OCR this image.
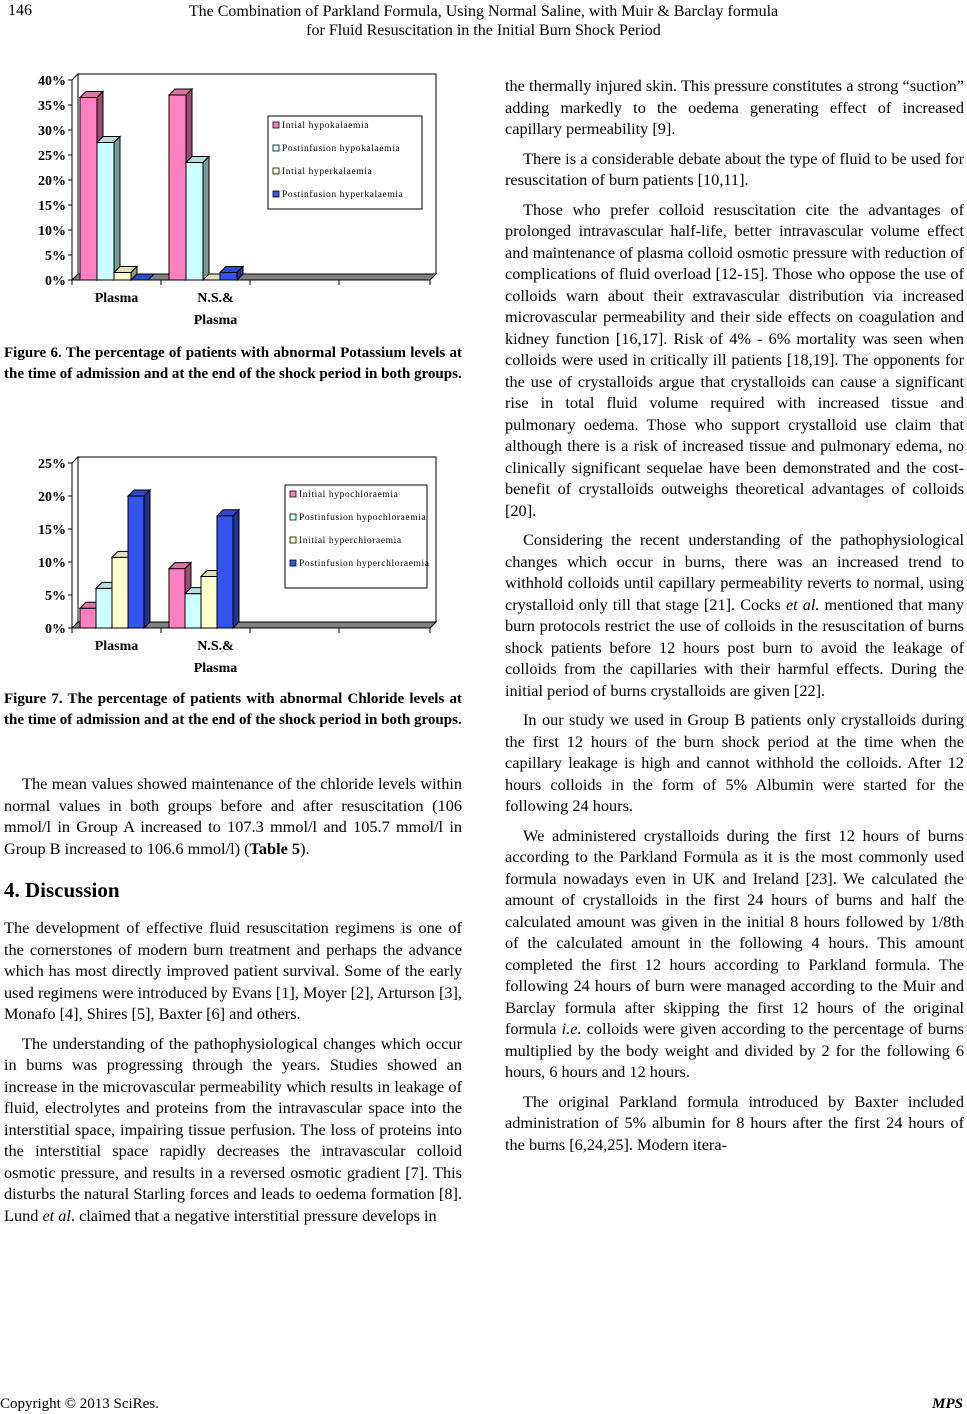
146	The Combination of Parkland Formula, Using Normal Saline, with Muir & Barclay formula
for Fluid Resuscitation in the Initial Burn Shock Period
0%
5%
10%
15%
20%
25%
30%
35%
40%
Plasma	N.S.& Plasma
Intial hypokalaemia
Postinfusion hypokalaemia
Intial hyperkalaemia
Postinfusion hyperkalaemia
Figure 6. The percentage of patients with abnormal Potassium levels at the time of admission and at the end of the shock period in both groups.
0%
5%
10%
15%
20%
25%
Plasma	N.S.& Plasma
Initial hypochloraemia
Postinfusion hypochloraemia
Initial hyperchloraemia
Postinfusion hyperchloraemia
Figure 7. The percentage of patients with abnormal Chloride levels at the time of admission and at the end of the shock period in both groups.

The mean values showed maintenance of the chloride levels within normal values in both groups before and after resuscitation (106 mmol/l in Group A increased to 107.3 mmol/l and 105.7 mmol/l in Group B increased to 106.6 mmol/l) (Table 5).

4. Discussion

The development of effective fluid resuscitation regimens is one of the cornerstones of modern burn treatment and perhaps the advance which has most directly improved patient survival. Some of the early used regimens were introduced by Evans [1], Moyer [2], Arturson [3], Monafo [4], Shires [5], Baxter [6] and others.

The understanding of the pathophysiological changes which occur in burns was progressing through the years. Studies showed an increase in the microvascular permeability which results in leakage of fluid, electrolytes and proteins from the intravascular space into the interstitial space, impairing tissue perfusion. The loss of proteins into the interstitial space rapidly decreases the intravascular colloid osmotic pressure, and results in a reversed osmotic gradient [7]. This disturbs the natural Starling forces and leads to oedema formation [8]. Lund et al. claimed that a negative interstitial pressure develops in

the thermally injured skin. This pressure constitutes a strong “suction” adding markedly to the oedema generating effect of increased capillary permeability [9].

There is a considerable debate about the type of fluid to be used for resuscitation of burn patients [10,11].

Those who prefer colloid resuscitation cite the advantages of prolonged intravascular half-life, better intravascular volume effect and maintenance of plasma colloid osmotic pressure with reduction of complications of fluid overload [12-15]. Those who oppose the use of colloids warn about their extravascular distribution via increased microvascular permeability and their side effects on coagulation and kidney function [16,17]. Risk of 4% - 6% mortality was seen when colloids were used in critically ill patients [18,19]. The opponents for the use of crystalloids argue that crystalloids can cause a significant rise in total fluid volume required with increased tissue and pulmonary oedema. Those who support crystalloid use claim that although there is a risk of increased tissue and pulmonary edema, no clinically significant sequelae have been demonstrated and the cost-benefit of crystalloids outweighs theoretical advantages of colloids [20].

Considering the recent understanding of the pathophysiological changes which occur in burns, there was an increased trend to withhold colloids until capillary permeability reverts to normal, using crystalloid only till that stage [21]. Cocks et al. mentioned that many burn protocols restrict the use of colloids in the resuscitation of burns shock patients before 12 hours post burn to avoid the leakage of colloids from the capillaries with their harmful effects. During the initial period of burns crystalloids are given [22].

In our study we used in Group B patients only crystalloids during the first 12 hours of the burn shock period at the time when the capillary leakage is high and cannot withhold the colloids. After 12 hours colloids in the form of 5% Albumin were started for the following 24 hours.

We administered crystalloids during the first 12 hours of burns according to the Parkland Formula as it is the most commonly used formula nowadays even in UK and Ireland [23]. We calculated the amount of crystalloids in the first 24 hours of burns and half the calculated amount was given in the initial 8 hours followed by 1/8th of the calculated amount in the following 4 hours. This amount completed the first 12 hours according to Parkland formula. The following 24 hours of burn were managed according to the Muir and Barclay formula after skipping the first 12 hours of the original formula i.e. colloids were given according to the percentage of burns multiplied by the body weight and divided by 2 for the following 6 hours, 6 hours and 12 hours.

The original Parkland formula introduced by Baxter included administration of 5% albumin for 8 hours after the first 24 hours of the burns [6,24,25]. Modern itera-

Copyright © 2013 SciRes.	MPS
